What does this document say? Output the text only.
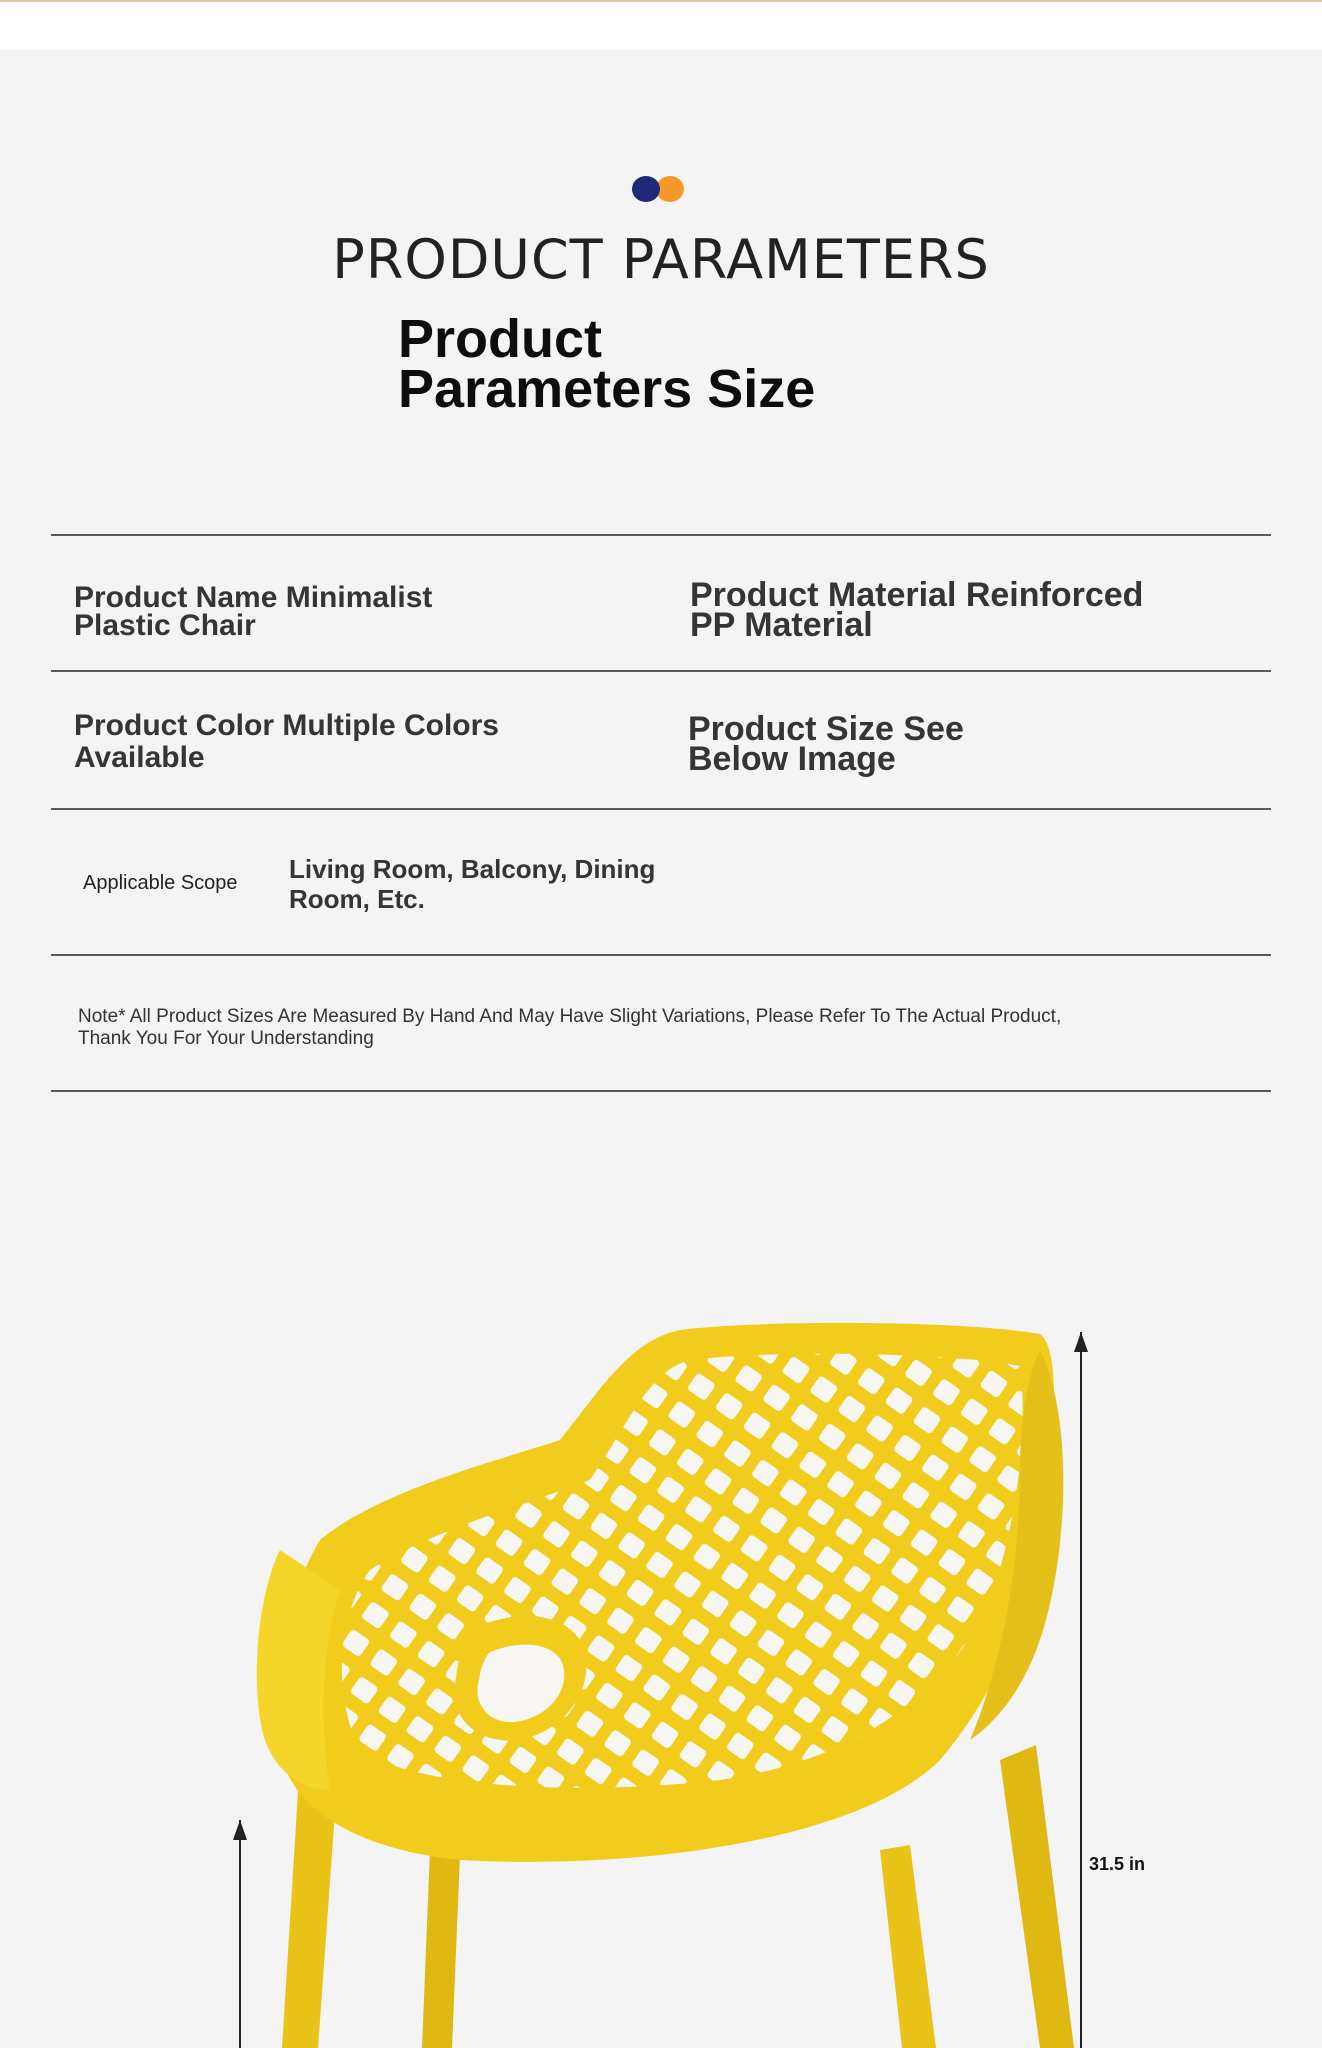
PRODUCT PARAMETERS
Product
Parameters Size

Product Name Minimalist
Plastic Chair

Product Material Reinforced
PP Material

Product Color Multiple Colors
Available

Product Size See
Below Image

Applicable Scope Living Room, Balcony, Dining
Room, Etc.

Note* All Product Sizes Are Measured By Hand And May Have Slight Variations, Please Refer To The Actual Product,
Thank You For Your Understanding

31.5 in
